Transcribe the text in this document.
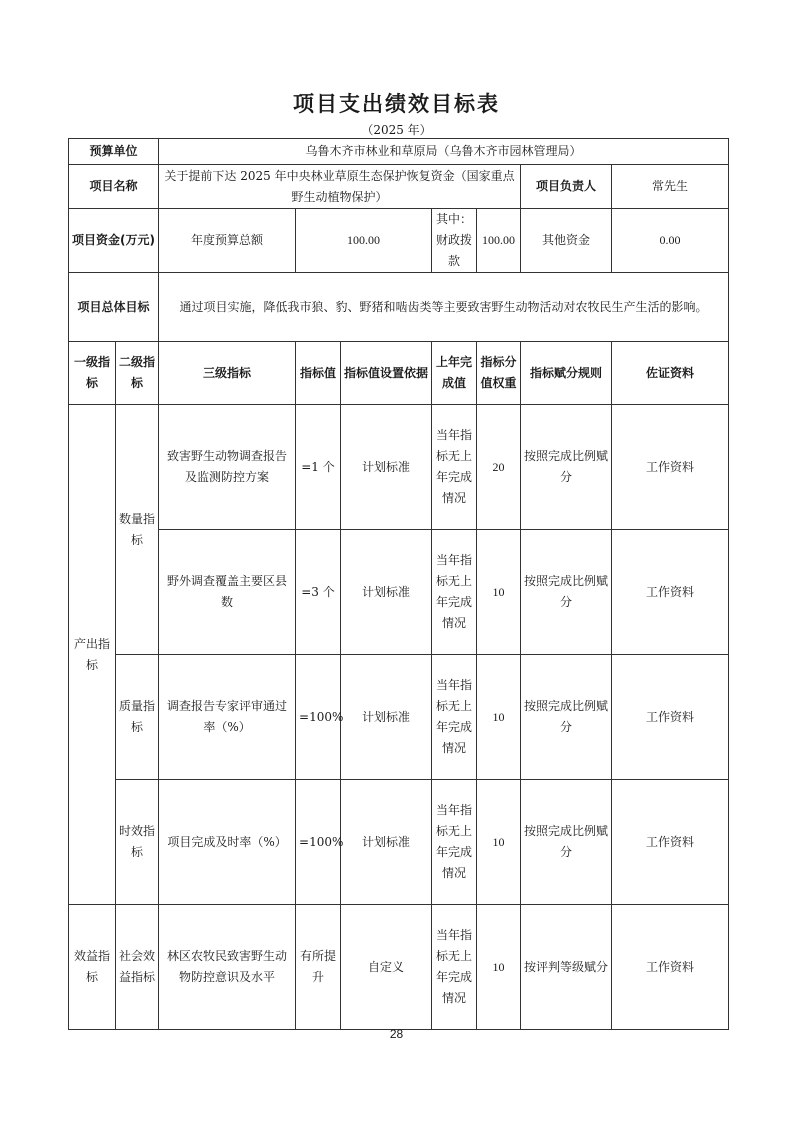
项目支出绩效目标表
（2025 年）
预算单位		乌鲁木齐市林业和草原局（乌鲁木齐市园林管理局）						
项目名称		关于提前下达 2025 年中央林业草原生态保护恢复资金（国家重点野生动植物保护）					项目负责人	常先生
项目资金(万元)		年度预算总额	100.00		其中：财政拨款	100.00	其他资金	0.00
项目总体目标		通过项目实施，降低我市狼、豹、野猪和啮齿类等主要致害野生动物活动对农牧民生产生活的影响。						
一级指标	二级指标	三级指标	指标值	指标值设置依据	上年完成值	指标分值权重	指标赋分规则	佐证资料
产出指标	数量指标	致害野生动物调查报告及监测防控方案	=1 个	计划标准	当年指标无上年完成情况	20	按照完成比例赋分	工作资料
		野外调查覆盖主要区县数	=3 个	计划标准	当年指标无上年完成情况	10	按照完成比例赋分	工作资料
	质量指标	调查报告专家评审通过率（%）	=100%	计划标准	当年指标无上年完成情况	10	按照完成比例赋分	工作资料
	时效指标	项目完成及时率（%）	=100%	计划标准	当年指标无上年完成情况	10	按照完成比例赋分	工作资料
效益指标	社会效益指标	林区农牧民致害野生动物防控意识及水平	有所提升	自定义	当年指标无上年完成情况	10	按评判等级赋分	工作资料
28
